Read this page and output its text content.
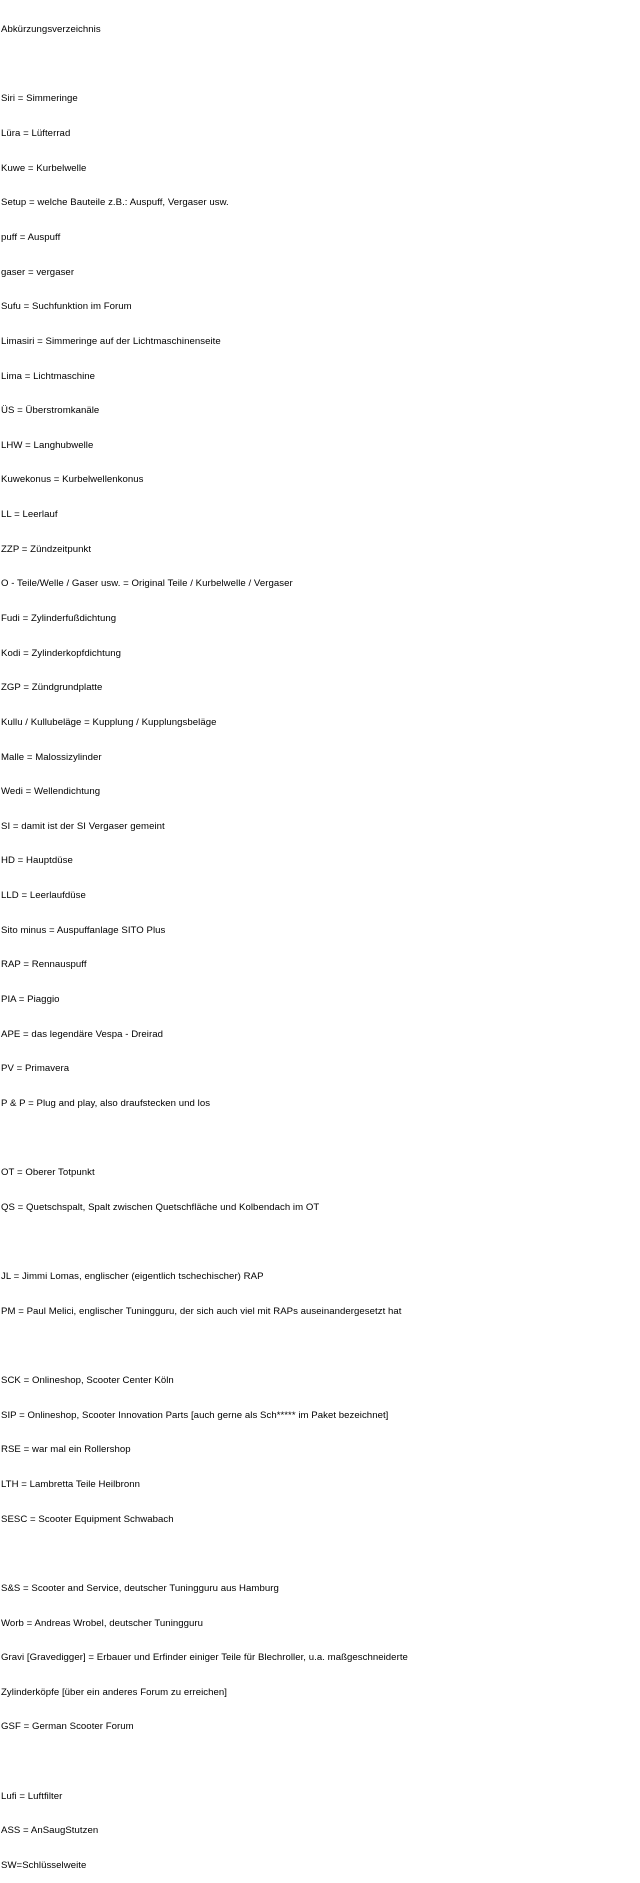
Abkürzungsverzeichnis

Siri = Simmeringe

Lüra = Lüfterrad

Kuwe = Kurbelwelle

Setup = welche Bauteile z.B.: Auspuff, Vergaser usw.

puff = Auspuff

gaser = vergaser

Sufu = Suchfunktion im Forum

Limasiri = Simmeringe auf der Lichtmaschinenseite

Lima = Lichtmaschine

ÜS = Überstromkanäle

LHW = Langhubwelle

Kuwekonus = Kurbelwellenkonus

LL = Leerlauf

ZZP = Zündzeitpunkt

O - Teile/Welle / Gaser usw. = Original Teile / Kurbelwelle / Vergaser

Fudi = Zylinderfußdichtung

Kodi = Zylinderkopfdichtung

ZGP = Zündgrundplatte

Kullu / Kullubeläge = Kupplung / Kupplungsbeläge

Malle = Malossizylinder

Wedi = Wellendichtung

SI = damit ist der SI Vergaser gemeint

HD = Hauptdüse

LLD = Leerlaufdüse

Sito minus = Auspuffanlage SITO Plus

RAP = Rennauspuff

PIA = Piaggio

APE = das legendäre Vespa - Dreirad

PV = Primavera

P & P = Plug and play, also draufstecken und los

OT = Oberer Totpunkt

QS = Quetschspalt, Spalt zwischen Quetschfläche und Kolbendach im OT

JL = Jimmi Lomas, englischer (eigentlich tschechischer) RAP

PM = Paul Melici, englischer Tuningguru, der sich auch viel mit RAPs auseinandergesetzt hat

SCK = Onlineshop, Scooter Center Köln

SIP = Onlineshop, Scooter Innovation Parts [auch gerne als Sch***** im Paket bezeichnet]

RSE = war mal ein Rollershop

LTH = Lambretta Teile Heilbronn

SESC = Scooter Equipment Schwabach

S&S = Scooter and Service, deutscher Tuningguru aus Hamburg

Worb = Andreas Wrobel, deutscher Tuningguru

Gravi [Gravedigger] = Erbauer und Erfinder einiger Teile für Blechroller, u.a. maßgeschneiderte

Zylinderköpfe [über ein anderes Forum zu erreichen]

GSF = German Scooter Forum

Lufi = Luftfilter

ASS = AnSaugStutzen

SW=Schlüsselweite
